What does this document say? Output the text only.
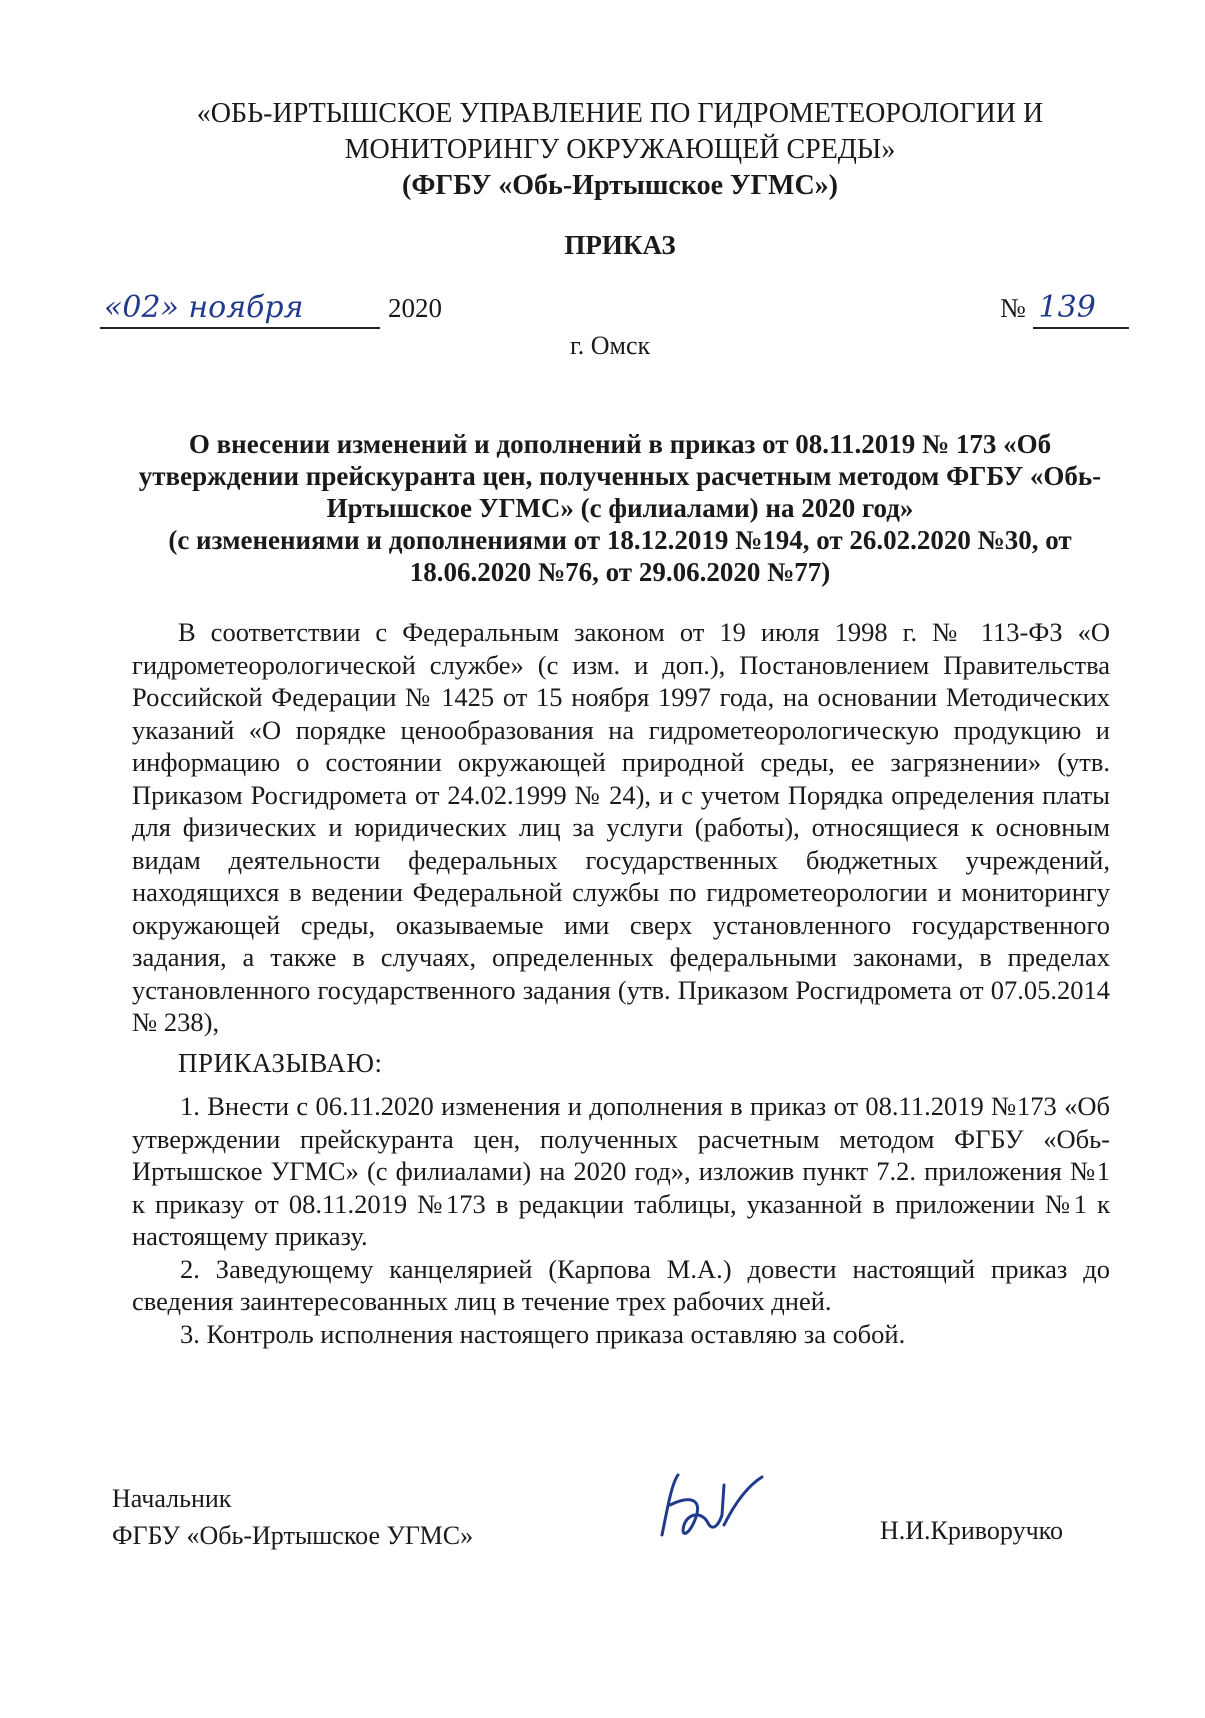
«ОБЬ-ИРТЫШСКОЕ УПРАВЛЕНИЕ ПО ГИДРОМЕТЕОРОЛОГИИ И
МОНИТОРИНГУ ОКРУЖАЮЩЕЙ СРЕДЫ»
(ФГБУ «Обь-Иртышское УГМС»)
ПРИКАЗ
«02» ноября	2020	№ 139
г. Омск
О внесении изменений и дополнений в приказ от 08.11.2019 № 173 «Об
утверждении прейскуранта цен, полученных расчетным методом ФГБУ «Обь-
Иртышское УГМС» (с филиалами) на 2020 год»
(с изменениями и дополнениями от 18.12.2019 №194, от 26.02.2020 №30, от
18.06.2020 №76, от 29.06.2020 №77)
В соответствии с Федеральным законом от 19 июля 1998 г. № 113-ФЗ «О гидрометеорологической службе» (с изм. и доп.), Постановлением Правительства Российской Федерации № 1425 от 15 ноября 1997 года, на основании Методических указаний «О порядке ценообразования на гидрометеорологическую продукцию и информацию о состоянии окружающей природной среды, ее загрязнении» (утв. Приказом Росгидромета от 24.02.1999 № 24), и с учетом Порядка определения платы для физических и юридических лиц за услуги (работы), относящиеся к основным видам деятельности федеральных государственных бюджетных учреждений, находящихся в ведении Федеральной службы по гидрометеорологии и мониторингу окружающей среды, оказываемые ими сверх установленного государственного задания, а также в случаях, определенных федеральными законами, в пределах установленного государственного задания (утв. Приказом Росгидромета от 07.05.2014 № 238),
ПРИКАЗЫВАЮ:

1. Внести с 06.11.2020 изменения и дополнения в приказ от 08.11.2019 №173 «Об утверждении прейскуранта цен, полученных расчетным методом ФГБУ «Обь-Иртышское УГМС» (с филиалами) на 2020 год», изложив пункт 7.2. приложения №1 к приказу от 08.11.2019 №173 в редакции таблицы, указанной в приложении №1 к настоящему приказу.

2. Заведующему канцелярией (Карпова М.А.) довести настоящий приказ до сведения заинтересованных лиц в течение трех рабочих дней.

3. Контроль исполнения настоящего приказа оставляю за собой.

Начальник
ФГБУ «Обь-Иртышское УГМС»	Н.И.Криворучко
